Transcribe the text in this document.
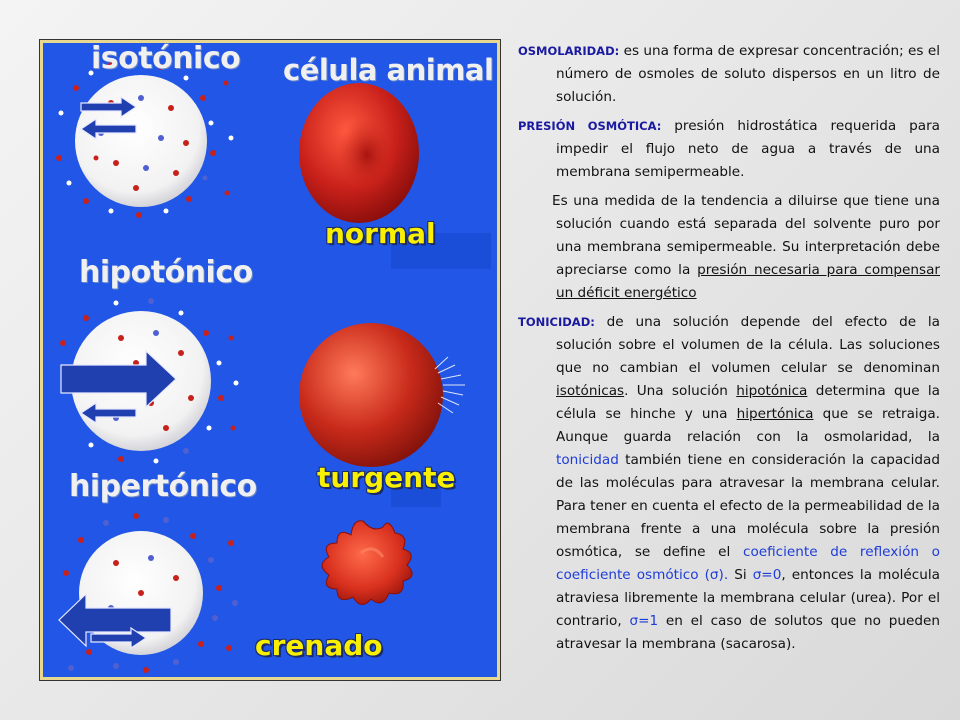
isotónico célula animal
hipotónico
hipertónico
normal
turgente
crenado

OSMOLARIDAD: es una forma de expresar concentración; es el número de osmoles de soluto dispersos en un litro de solución.

PRESIÓN OSMÓTICA: presión hidrostática requerida para impedir el flujo neto de agua a través de una membrana semipermeable.

Es una medida de la tendencia a diluirse que tiene una solución cuando está separada del solvente puro por una membrana semipermeable. Su interpretación debe apreciarse como la presión necesaria para compensar un déficit energético

TONICIDAD: de una solución depende del efecto de la solución sobre el volumen de la célula. Las soluciones que no cambian el volumen celular se denominan isotónicas. Una solución hipotónica determina que la célula se hinche y una hipertónica que se retraiga. Aunque guarda relación con la osmolaridad, la tonicidad también tiene en consideración la capacidad de las moléculas para atravesar la membrana celular. Para tener en cuenta el efecto de la permeabilidad de la membrana frente a una molécula sobre la presión osmótica, se define el coeficiente de reflexión o coeficiente osmótico (σ). Si σ=0, entonces la molécula atraviesa libremente la membrana celular (urea). Por el contrario, σ=1 en el caso de solutos que no pueden atravesar la membrana (sacarosa).
